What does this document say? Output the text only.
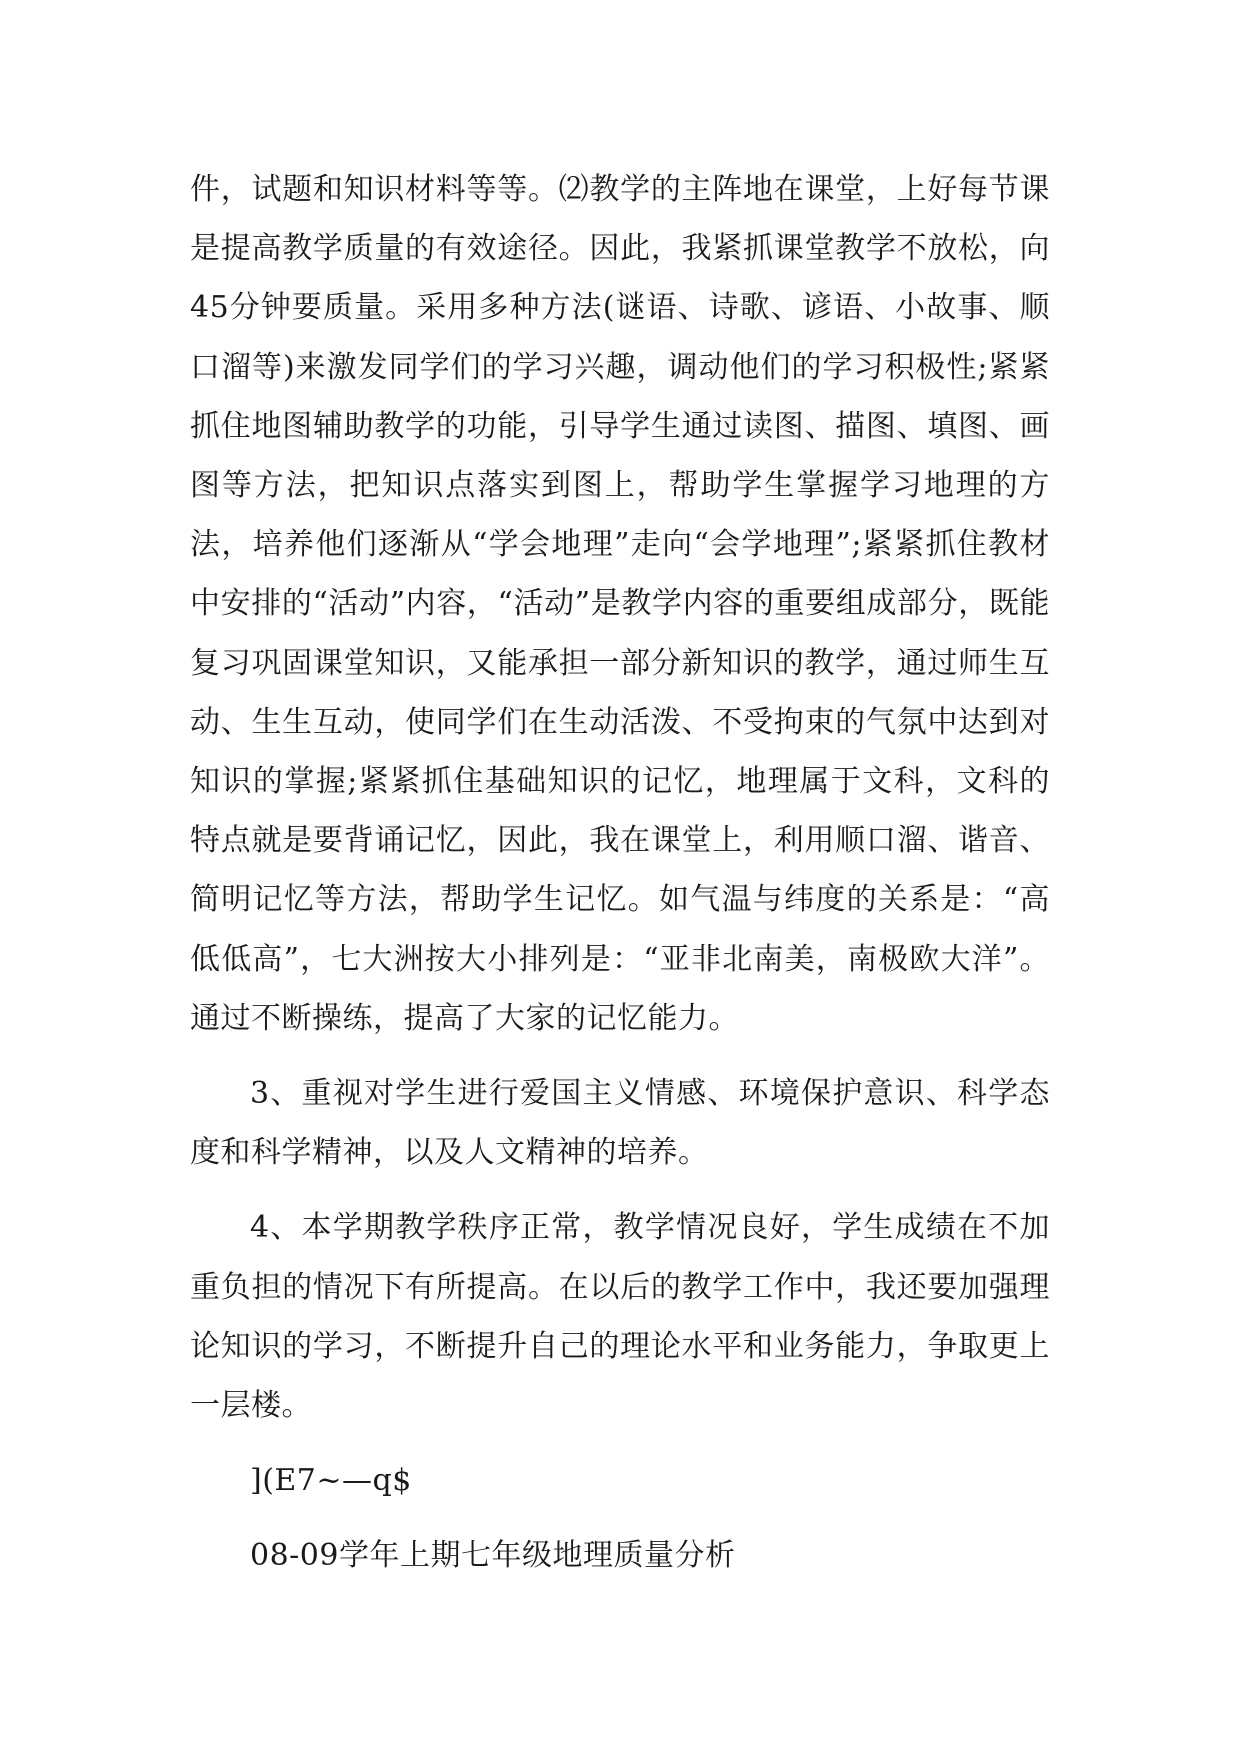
件，试题和知识材料等等。⑵教学的主阵地在课堂，上好每节课是提高教学质量的有效途径。因此，我紧抓课堂教学不放松，向45分钟要质量。采用多种方法(谜语、诗歌、谚语、小故事、顺口溜等)来激发同学们的学习兴趣，调动他们的学习积极性;紧紧抓住地图辅助教学的功能，引导学生通过读图、描图、填图、画图等方法，把知识点落实到图上，帮助学生掌握学习地理的方法，培养他们逐渐从“学会地理”走向“会学地理”;紧紧抓住教材中安排的“活动”内容，“活动”是教学内容的重要组成部分，既能复习巩固课堂知识，又能承担一部分新知识的教学，通过师生互动、生生互动，使同学们在生动活泼、不受拘束的气氛中达到对知识的掌握;紧紧抓住基础知识的记忆，地理属于文科，文科的特点就是要背诵记忆，因此，我在课堂上，利用顺口溜、谐音、简明记忆等方法，帮助学生记忆。如气温与纬度的关系是：“高低低高”，七大洲按大小排列是：“亚非北南美，南极欧大洋”。通过不断操练，提高了大家的记忆能力。

3、重视对学生进行爱国主义情感、环境保护意识、科学态度和科学精神，以及人文精神的培养。

4、本学期教学秩序正常，教学情况良好，学生成绩在不加重负担的情况下有所提高。在以后的教学工作中，我还要加强理论知识的学习，不断提升自己的理论水平和业务能力，争取更上一层楼。

](E7~—q$

08-09学年上期七年级地理质量分析
